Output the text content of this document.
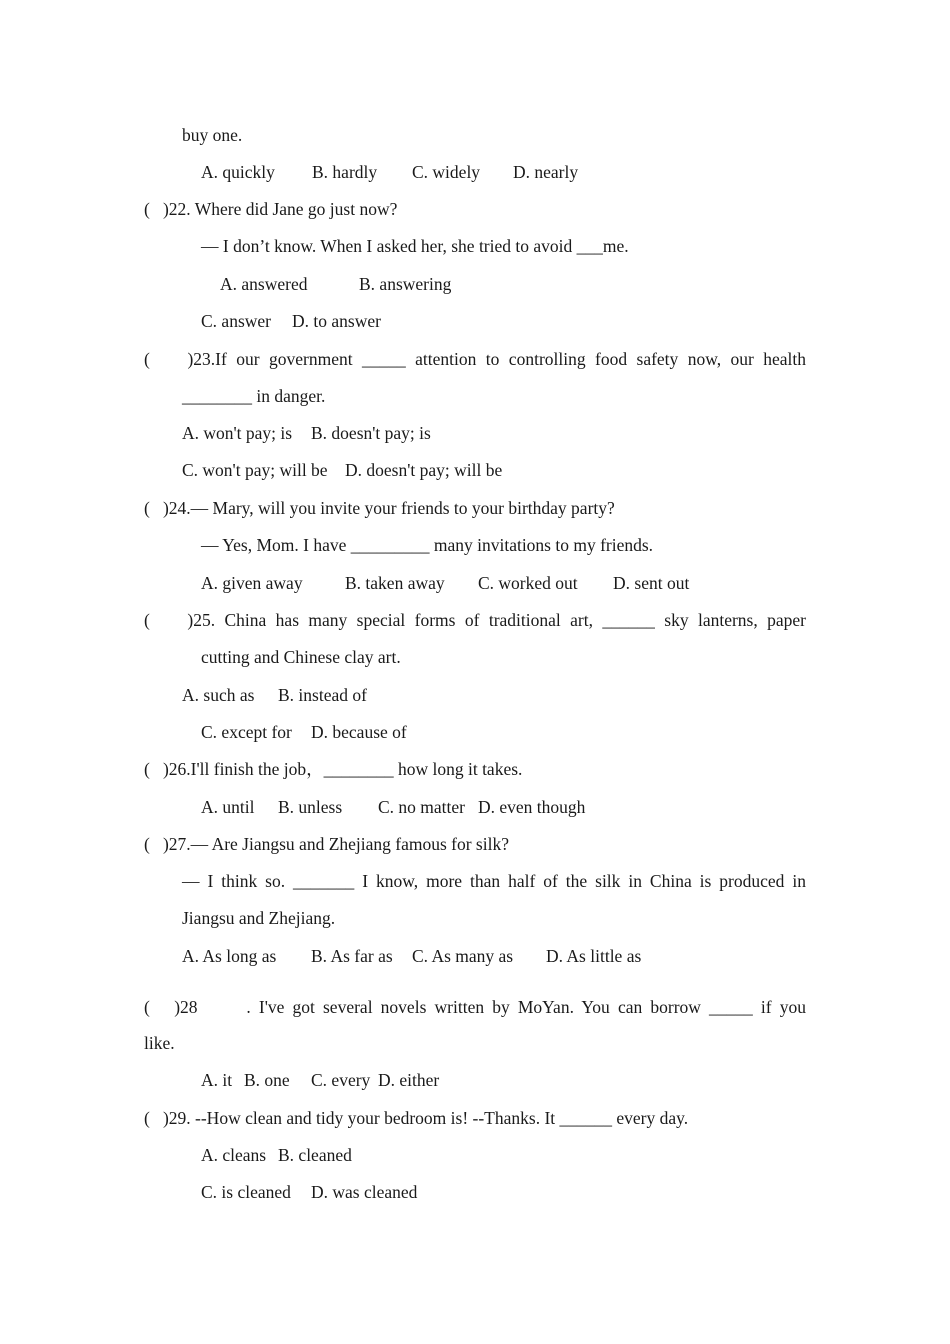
buy one.
A. quickly B. hardly C. widely D. nearly
(   )22. Where did Jane go just now?
— I don’t know. When I asked her, she tried to avoid ___me.
A. answered	B. answering
C. answer D. to answer
(    )23.If our government _____ attention to controlling food safety now, our health
________ in danger.
A. won't pay; is B. doesn't pay; is
C. won't pay; will be D. doesn't pay; will be
(   )24.— Mary, will you invite your friends to your birthday party?
— Yes, Mom. I have _________ many invitations to my friends.
A. given away B. taken away C. worked out D. sent out
(    )25. China has many special forms of traditional art, ______ sky lanterns, paper
cutting and Chinese clay art.
A. such as B. instead of
C. except for D. because of
(   )26.I'll finish the job，________ how long it takes.
A. until B. unless C. no matter D. even though
(   )27.— Are Jiangsu and Zhejiang famous for silk?
— I think so. _______ I know, more than half of the silk in China is produced in
Jiangsu and Zhejiang.
A. As long as B. As far as C. As many as D. As little as
(   )28      . I've got several novels written by MoYan. You can borrow _____ if you
like.
A. it B. one C. every D. either
(   )29. --How clean and tidy your bedroom is! --Thanks. It ______ every day.
A. cleans B. cleaned
C. is cleaned D. was cleaned
